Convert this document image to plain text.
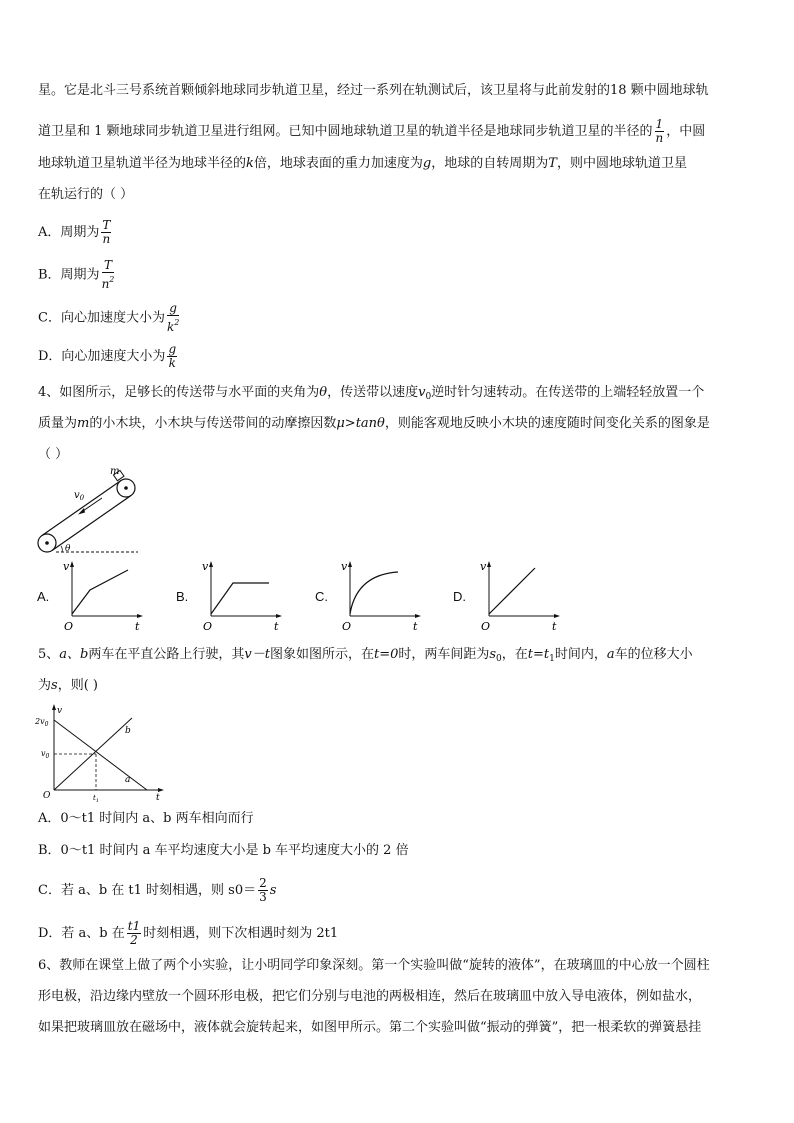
星。它是北斗三号系统首颗倾斜地球同步轨道卫星，经过一系列在轨测试后，该卫星将与此前发射的18 颗中圆地球轨
道卫星和 1 颗地球同步轨道卫星进行组网。已知中圆地球轨道卫星的轨道半径是地球同步轨道卫星的半径的 $\frac{1}{n}$ ，中圆
地球轨道卫星轨道半径为地球半径的k倍，地球表面的重力加速度为g，地球的自转周期为T，则中圆地球轨道卫星
在轨运行的（ ）
A．周期为 $\frac{T}{n}$
B．周期为 $\frac{T}{n^2}$
C．向心加速度大小为 $\frac{g}{k^2}$
D．向心加速度大小为 $\frac{g}{k}$
4、如图所示，足够长的传送带与水平面的夹角为θ，传送带以速度$v_0$逆时针匀速转动。在传送带的上端轻轻放置一个
质量为m的小木块，小木块与传送带间的动摩擦因数μ>tanθ，则能客观地反映小木块的速度随时间变化关系的图象是
（ ）
m
$v_0$
θ
A.	B.	C.	D.
v
t
O
v
t
O
v
t
O
v
t
O
5、a、b两车在平直公路上行驶，其v－t图象如图所示，在t=0时，两车间距为$s_0$，在$t=t_1$时间内，a车的位移大小
为s，则( )
v
t
O
$2v_0$
$v_0$
$t_1$
a
b
A．0～t1 时间内 a、b 两车相向而行
B．0～t1 时间内 a 车平均速度大小是 b 车平均速度大小的 2 倍
C．若 a、b 在 t1 时刻相遇，则 $s0= \frac{2}{3}$ s
D．若 a、b 在 $\frac{t1}{2}$ 时刻相遇，则下次相遇时刻为 2t1
6、教师在课堂上做了两个小实验，让小明同学印象深刻。第一个实验叫做“旋转的液体”，在玻璃皿的中心放一个圆柱
形电极，沿边缘内壁放一个圆环形电极，把它们分别与电池的两极相连，然后在玻璃皿中放入导电液体，例如盐水，
如果把玻璃皿放在磁场中，液体就会旋转起来，如图甲所示。第二个实验叫做“振动的弹簧”，把一根柔软的弹簧悬挂
